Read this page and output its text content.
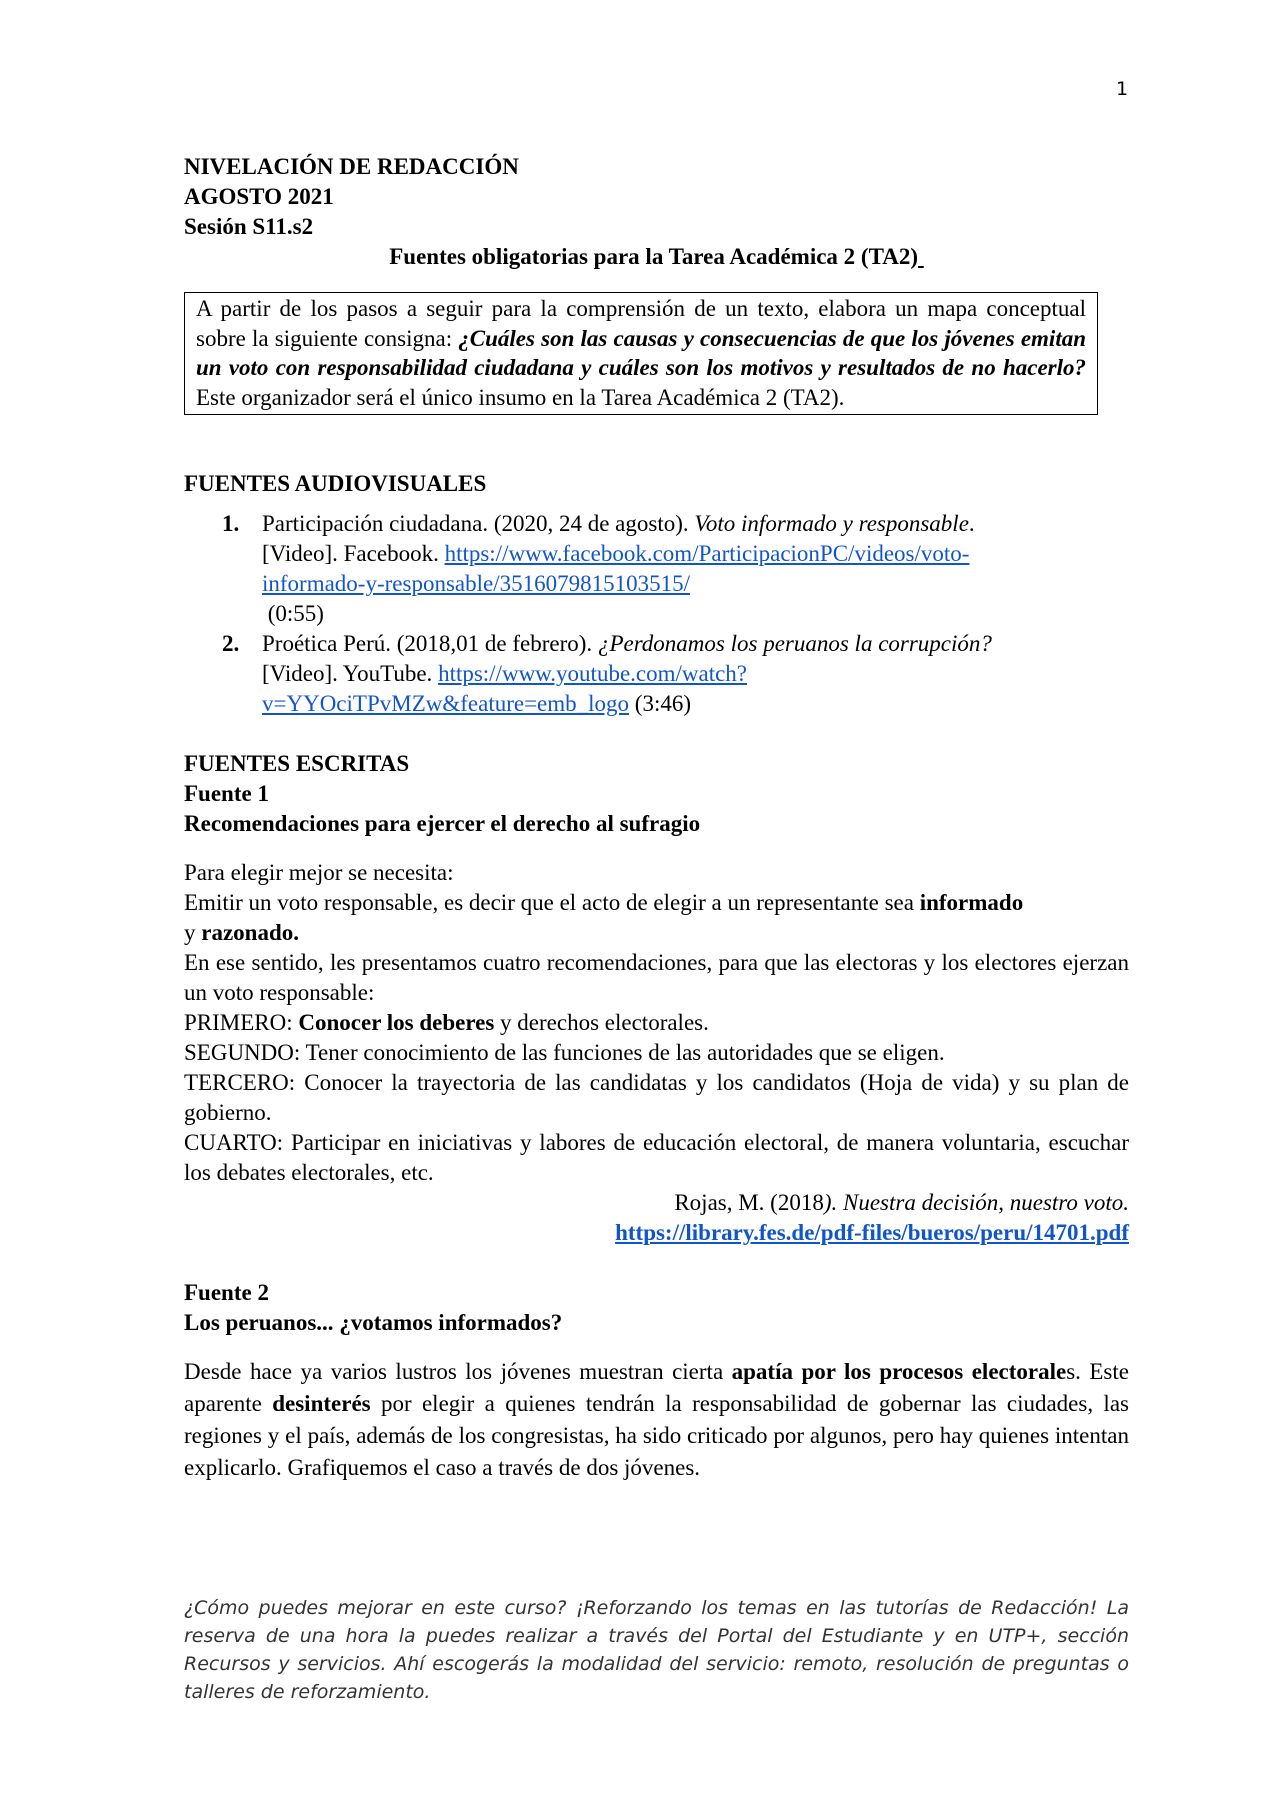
1
NIVELACIÓN DE REDACCIÓN
AGOSTO 2021
Sesión S11.s2
Fuentes obligatorias para la Tarea Académica 2 (TA2)
A partir de los pasos a seguir para la comprensión de un texto, elabora un mapa conceptual sobre la siguiente consigna: ¿Cuáles son las causas y consecuencias de que los jóvenes emitan un voto con responsabilidad ciudadana y cuáles son los motivos y resultados de no hacerlo? Este organizador será el único insumo en la Tarea Académica 2 (TA2).
FUENTES AUDIOVISUALES
1. Participación ciudadana. (2020, 24 de agosto). Voto informado y responsable.
[Video]. Facebook. https://www.facebook.com/ParticipacionPC/videos/voto-
informado-y-responsable/3516079815103515/
(0:55)
2. Proética Perú. (2018,01 de febrero). ¿Perdonamos los peruanos la corrupción?
[Video]. YouTube. https://www.youtube.com/watch?
v=YYOciTPvMZw&feature=emb_logo (3:46)
FUENTES ESCRITAS
Fuente 1
Recomendaciones para ejercer el derecho al sufragio
Para elegir mejor se necesita:
Emitir un voto responsable, es decir que el acto de elegir a un representante sea informado
y razonado.
En ese sentido, les presentamos cuatro recomendaciones, para que las electoras y los electores ejerzan un voto responsable:
PRIMERO: Conocer los deberes y derechos electorales.
SEGUNDO: Tener conocimiento de las funciones de las autoridades que se eligen.
TERCERO: Conocer la trayectoria de las candidatas y los candidatos (Hoja de vida) y su plan de gobierno.
CUARTO: Participar en iniciativas y labores de educación electoral, de manera voluntaria, escuchar los debates electorales, etc.
Rojas, M. (2018). Nuestra decisión, nuestro voto.
https://library.fes.de/pdf-files/bueros/peru/14701.pdf
Fuente 2
Los peruanos... ¿votamos informados?
Desde hace ya varios lustros los jóvenes muestran cierta apatía por los procesos electorales. Este aparente desinterés por elegir a quienes tendrán la responsabilidad de gobernar las ciudades, las regiones y el país, además de los congresistas, ha sido criticado por algunos, pero hay quienes intentan explicarlo. Grafiquemos el caso a través de dos jóvenes.
¿Cómo puedes mejorar en este curso? ¡Reforzando los temas en las tutorías de Redacción! La reserva de una hora la puedes realizar a través del Portal del Estudiante y en UTP+, sección Recursos y servicios. Ahí escogerás la modalidad del servicio: remoto, resolución de preguntas o talleres de reforzamiento.
